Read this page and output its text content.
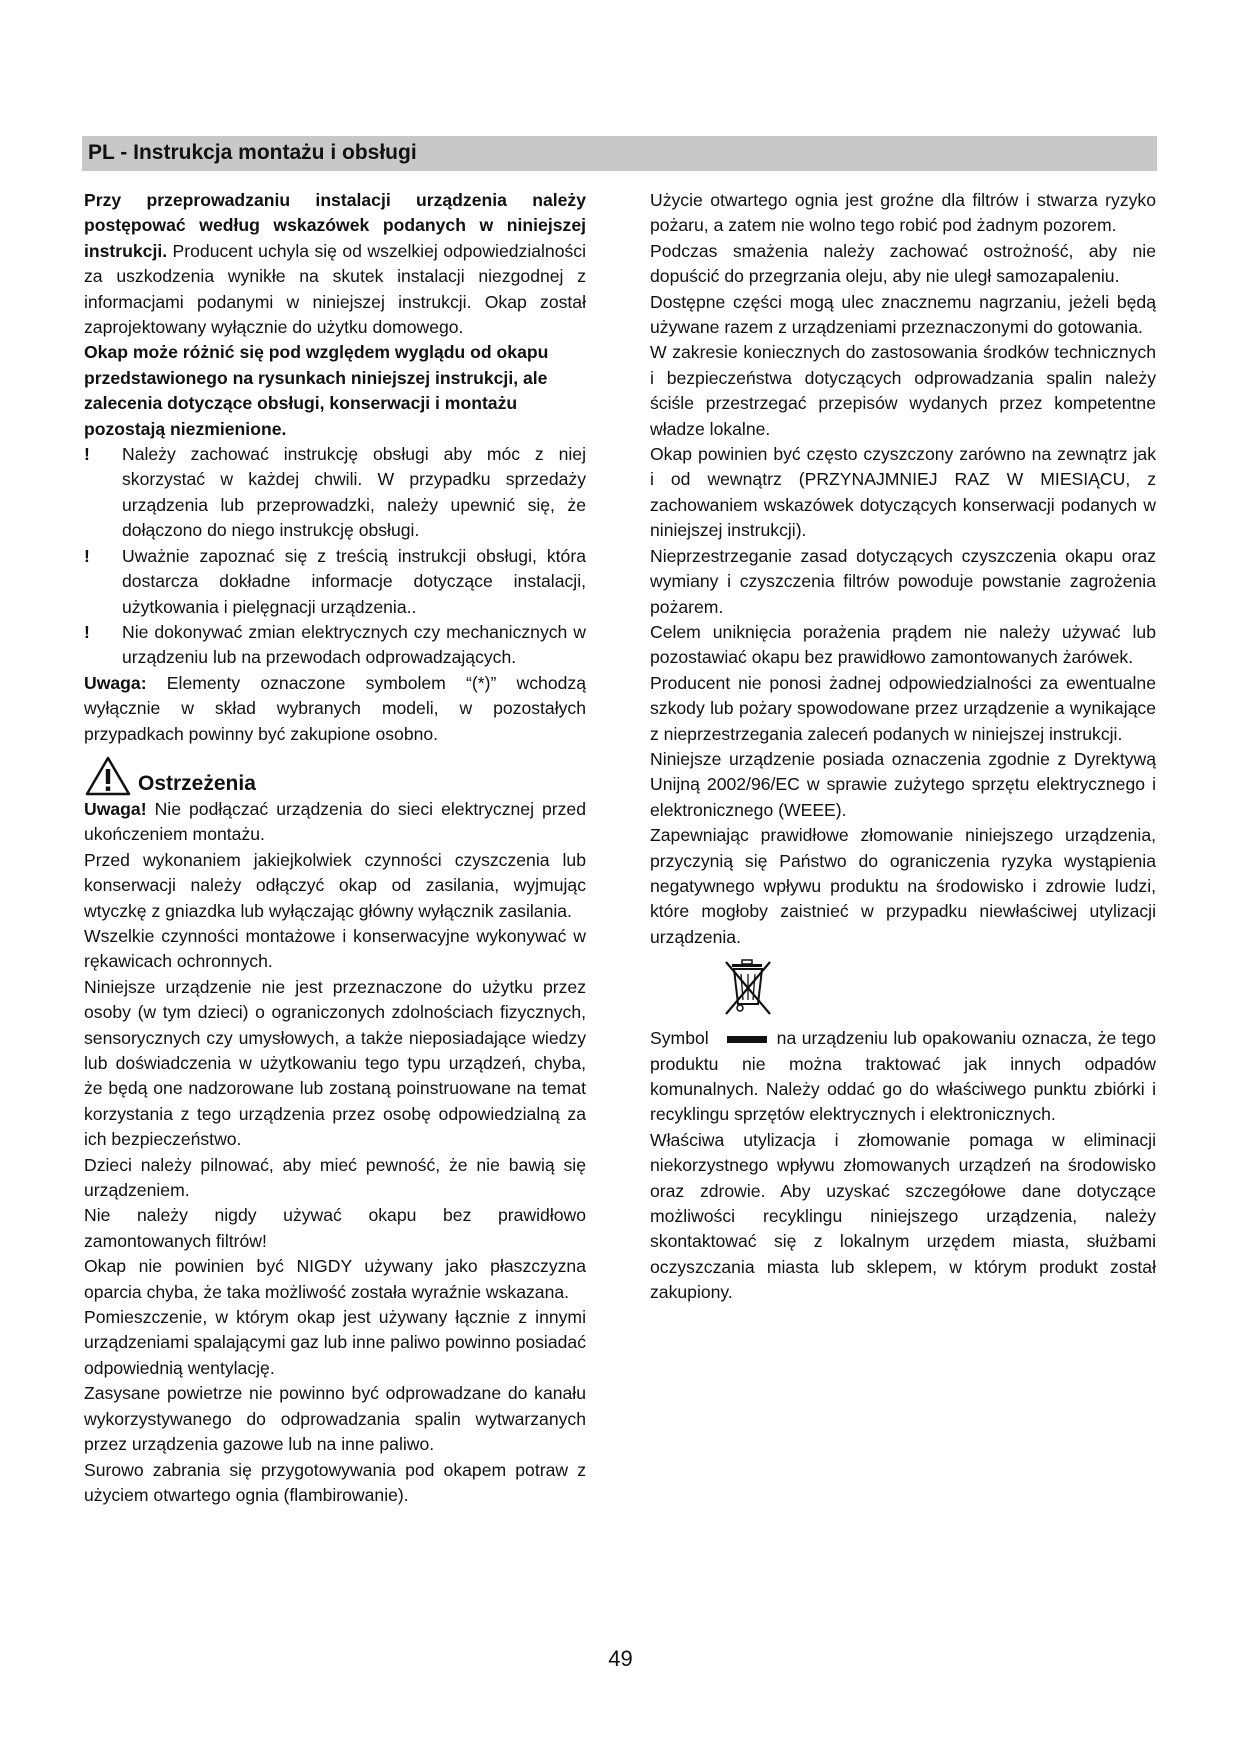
PL - Instrukcja montażu i obsługi

Przy przeprowadzaniu instalacji urządzenia należy postępować według wskazówek podanych w niniejszej instrukcji. Producent uchyla się od wszelkiej odpowiedzialności za uszkodzenia wynikłe na skutek instalacji niezgodnej z informacjami podanymi w niniejszej instrukcji. Okap został zaprojektowany wyłącznie do użytku domowego.

Okap może różnić się pod względem wyglądu od okapu przedstawionego na rysunkach niniejszej instrukcji, ale zalecenia dotyczące obsługi, konserwacji i montażu pozostają niezmienione.

!	Należy zachować instrukcję obsługi aby móc z niej skorzystać w każdej chwili. W przypadku sprzedaży urządzenia lub przeprowadzki, należy upewnić się, że dołączono do niego instrukcję obsługi.
!	Uważnie zapoznać się z treścią instrukcji obsługi, która dostarcza dokładne informacje dotyczące instalacji, użytkowania i pielęgnacji urządzenia..
!	Nie dokonywać zmian elektrycznych czy mechanicznych w urządzeniu lub na przewodach odprowadzających.

Uwaga: Elementy oznaczone symbolem “(*)” wchodzą wyłącznie w skład wybranych modeli, w pozostałych przypadkach powinny być zakupione osobno.

Ostrzeżenia

Uwaga! Nie podłączać urządzenia do sieci elektrycznej przed ukończeniem montażu.

Przed wykonaniem jakiejkolwiek czynności czyszczenia lub konserwacji należy odłączyć okap od zasilania, wyjmując wtyczkę z gniazdka lub wyłączając główny wyłącznik zasilania.

Wszelkie czynności montażowe i konserwacyjne wykonywać w rękawicach ochronnych.

Niniejsze urządzenie nie jest przeznaczone do użytku przez osoby (w tym dzieci) o ograniczonych zdolnościach fizycznych, sensorycznych czy umysłowych, a także nieposiadające wiedzy lub doświadczenia w użytkowaniu tego typu urządzeń, chyba, że będą one nadzorowane lub zostaną poinstruowane na temat korzystania z tego urządzenia przez osobę odpowiedzialną za ich bezpieczeństwo.

Dzieci należy pilnować, aby mieć pewność, że nie bawią się urządzeniem.

Nie należy nigdy używać okapu bez prawidłowo zamontowanych filtrów!

Okap nie powinien być NIGDY używany jako płaszczyzna oparcia chyba, że taka możliwość została wyraźnie wskazana.

Pomieszczenie, w którym okap jest używany łącznie z innymi urządzeniami spalającymi gaz lub inne paliwo powinno posiadać odpowiednią wentylację.

Zasysane powietrze nie powinno być odprowadzane do kanału wykorzystywanego do odprowadzania spalin wytwarzanych przez urządzenia gazowe lub na inne paliwo.

Surowo zabrania się przygotowywania pod okapem potraw z użyciem otwartego ognia (flambirowanie).

Użycie otwartego ognia jest groźne dla filtrów i stwarza ryzyko pożaru, a zatem nie wolno tego robić pod żadnym pozorem.

Podczas smażenia należy zachować ostrożność, aby nie dopuścić do przegrzania oleju, aby nie uległ samozapaleniu.

Dostępne części mogą ulec znacznemu nagrzaniu, jeżeli będą używane razem z urządzeniami przeznaczonymi do gotowania.

W zakresie koniecznych do zastosowania środków technicznych i bezpieczeństwa dotyczących odprowadzania spalin należy ściśle przestrzegać przepisów wydanych przez kompetentne władze lokalne.

Okap powinien być często czyszczony zarówno na zewnątrz jak i od wewnątrz (PRZYNAJMNIEJ RAZ W MIESIĄCU, z zachowaniem wskazówek dotyczących konserwacji podanych w niniejszej instrukcji).

Nieprzestrzeganie zasad dotyczących czyszczenia okapu oraz wymiany i czyszczenia filtrów powoduje powstanie zagrożenia pożarem.

Celem uniknięcia porażenia prądem nie należy używać lub pozostawiać okapu bez prawidłowo zamontowanych żarówek.

Producent nie ponosi żadnej odpowiedzialności za ewentualne szkody lub pożary spowodowane przez urządzenie a wynikające z nieprzestrzegania zaleceń podanych w niniejszej instrukcji.

Niniejsze urządzenie posiada oznaczenia zgodnie z Dyrektywą Unijną 2002/96/EC w sprawie zużytego sprzętu elektrycznego i elektronicznego (WEEE).

Zapewniając prawidłowe złomowanie niniejszego urządzenia, przyczynią się Państwo do ograniczenia ryzyka wystąpienia negatywnego wpływu produktu na środowisko i zdrowie ludzi, które mogłoby zaistnieć w przypadku niewłaściwej utylizacji urządzenia.

Symbol	na urządzeniu lub opakowaniu oznacza, że tego produktu nie można traktować jak innych odpadów komunalnych. Należy oddać go do właściwego punktu zbiórki i recyklingu sprzętów elektrycznych i elektronicznych.

Właściwa utylizacja i złomowanie pomaga w eliminacji niekorzystnego wpływu złomowanych urządzeń na środowisko oraz zdrowie. Aby uzyskać szczegółowe dane dotyczące możliwości recyklingu niniejszego urządzenia, należy skontaktować się z lokalnym urzędem miasta, służbami oczyszczania miasta lub sklepem, w którym produkt został zakupiony.

49
